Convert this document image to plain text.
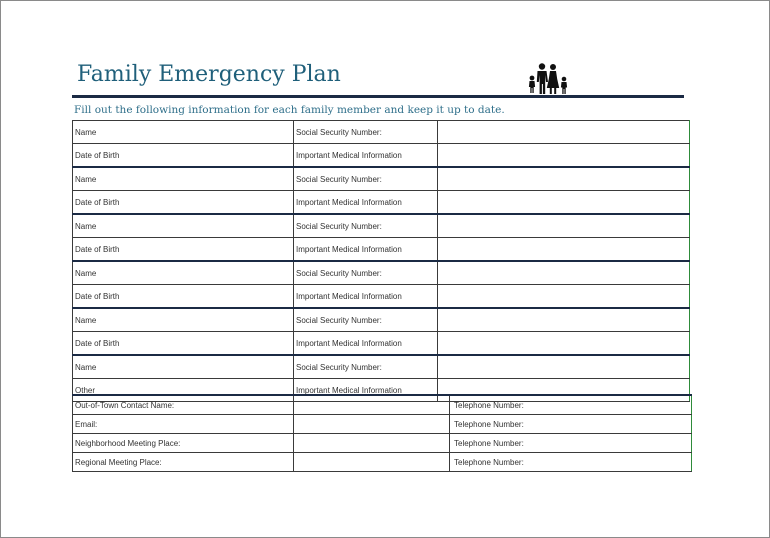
Family Emergency Plan
Fill out the following information for each family member and keep it up to date.
Name	Social Security Number:	
Date of Birth	Important Medical Information	
Name	Social Security Number:	
Date of Birth	Important Medical Information	
Name	Social Security Number:	
Date of Birth	Important Medical Information	
Name	Social Security Number:	
Date of Birth	Important Medical Information	
Name	Social Security Number:	
Date of Birth	Important Medical Information	
Name	Social Security Number:	
Other	Important Medical Information	
Out-of-Town Contact Name:		Telephone Number:
Email:		Telephone Number:
Neighborhood Meeting Place:		Telephone Number:
Regional Meeting Place:		Telephone Number:
